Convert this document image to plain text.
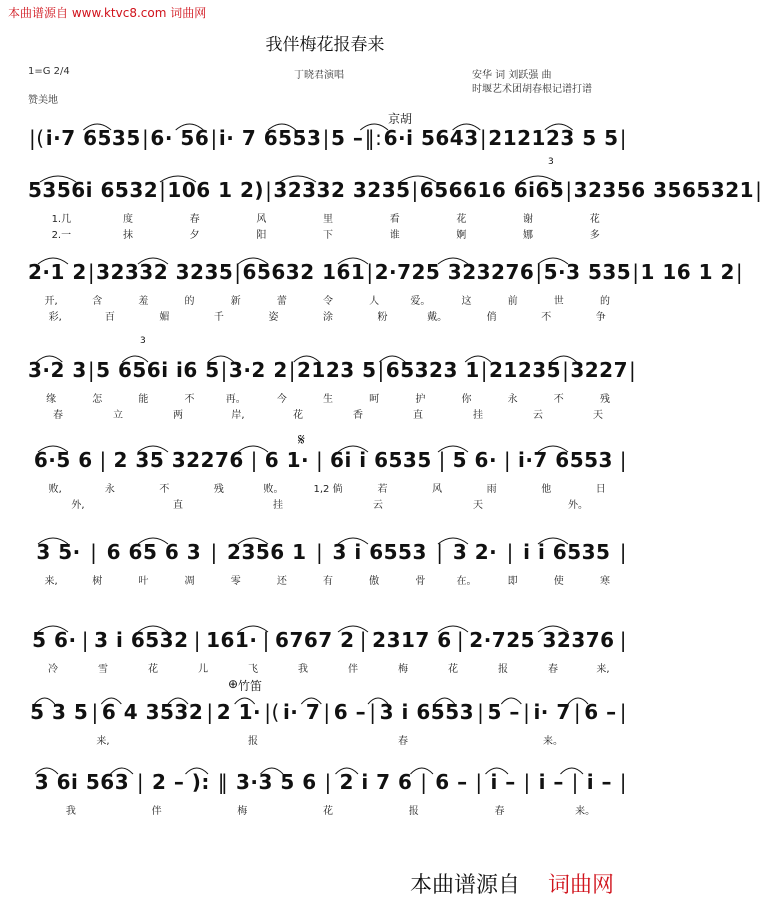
本曲谱源自 www.ktvc8.com 词曲网
我伴梅花报春来
1=G 2/4	丁晓君演唱	安华 词 刘跃强 曲
时堰艺术团胡春根记谱打谱
赞美地
京胡
竹笛
⊕
𝄋
3
3
|( i·7 6535 | 6· 56 | i· 7 6553 | 5 – ‖: 6·i 5643 | 212123 5 5 |
5356i 6532 | 106 1 2) | 32332 3235 | 656616 6i65 | 32356 3565321 |
1.几	度	春	风	里	看	花	谢	花
2.一	抹	夕	阳	下	谁	婀	娜	多
2·1 2 | 32332 3235 | 65632 161 | 2·725 323276 | 5·3 535 | 1 16 1 2 |
开,	含	羞	的	新	蕾	令	人	爱。	这	前	世	的
彩,	百	媚	千	姿	涂	粉	戴。	俏	不	争
3·2 3 | 5 656i i6 5 | 3·2 2 | 2123 5 | 65323 1 | 21235 | 3227 |
缘	怎	能	不	再。	今	生	呵	护	你	永	不	残
春	立	两	岸,	花	香	直	挂	云	天
6·5 6 | 2 35 32276 | 6 1· | 6i i 6535 | 5 6· | i·7 6553 |
败,	永	不	残	败。	1,2 倘	若	风	雨	他	日
外,	直	挂	云	天	外。
3 5· | 6 65 6 3 | 2356 1 | 3 i 6553 | 3 2· | i i 6535 |
来,	树	叶	凋	零	还	有	傲	骨	在。	即	使	寒
5 6· | 3 i 6532 | 161· | 6767 2 | 2317 6 | 2·725 32376 |
冷	雪	花	儿	飞	我	伴	梅	花	报	春	来,
5 3 5 | 6 4 3532 | 2 1· |( i· 7 | 6 – | 3 i 6553 | 5 – | i· 7 | 6 – |
来,	报	春	来。
3 6i 563 | 2 – ): ‖ 3·3 5 6 | 2 i 7 6 | 6 – | i – | i – | i – |
我	伴	梅	花	报	春	来。
本曲谱源自 词曲网
